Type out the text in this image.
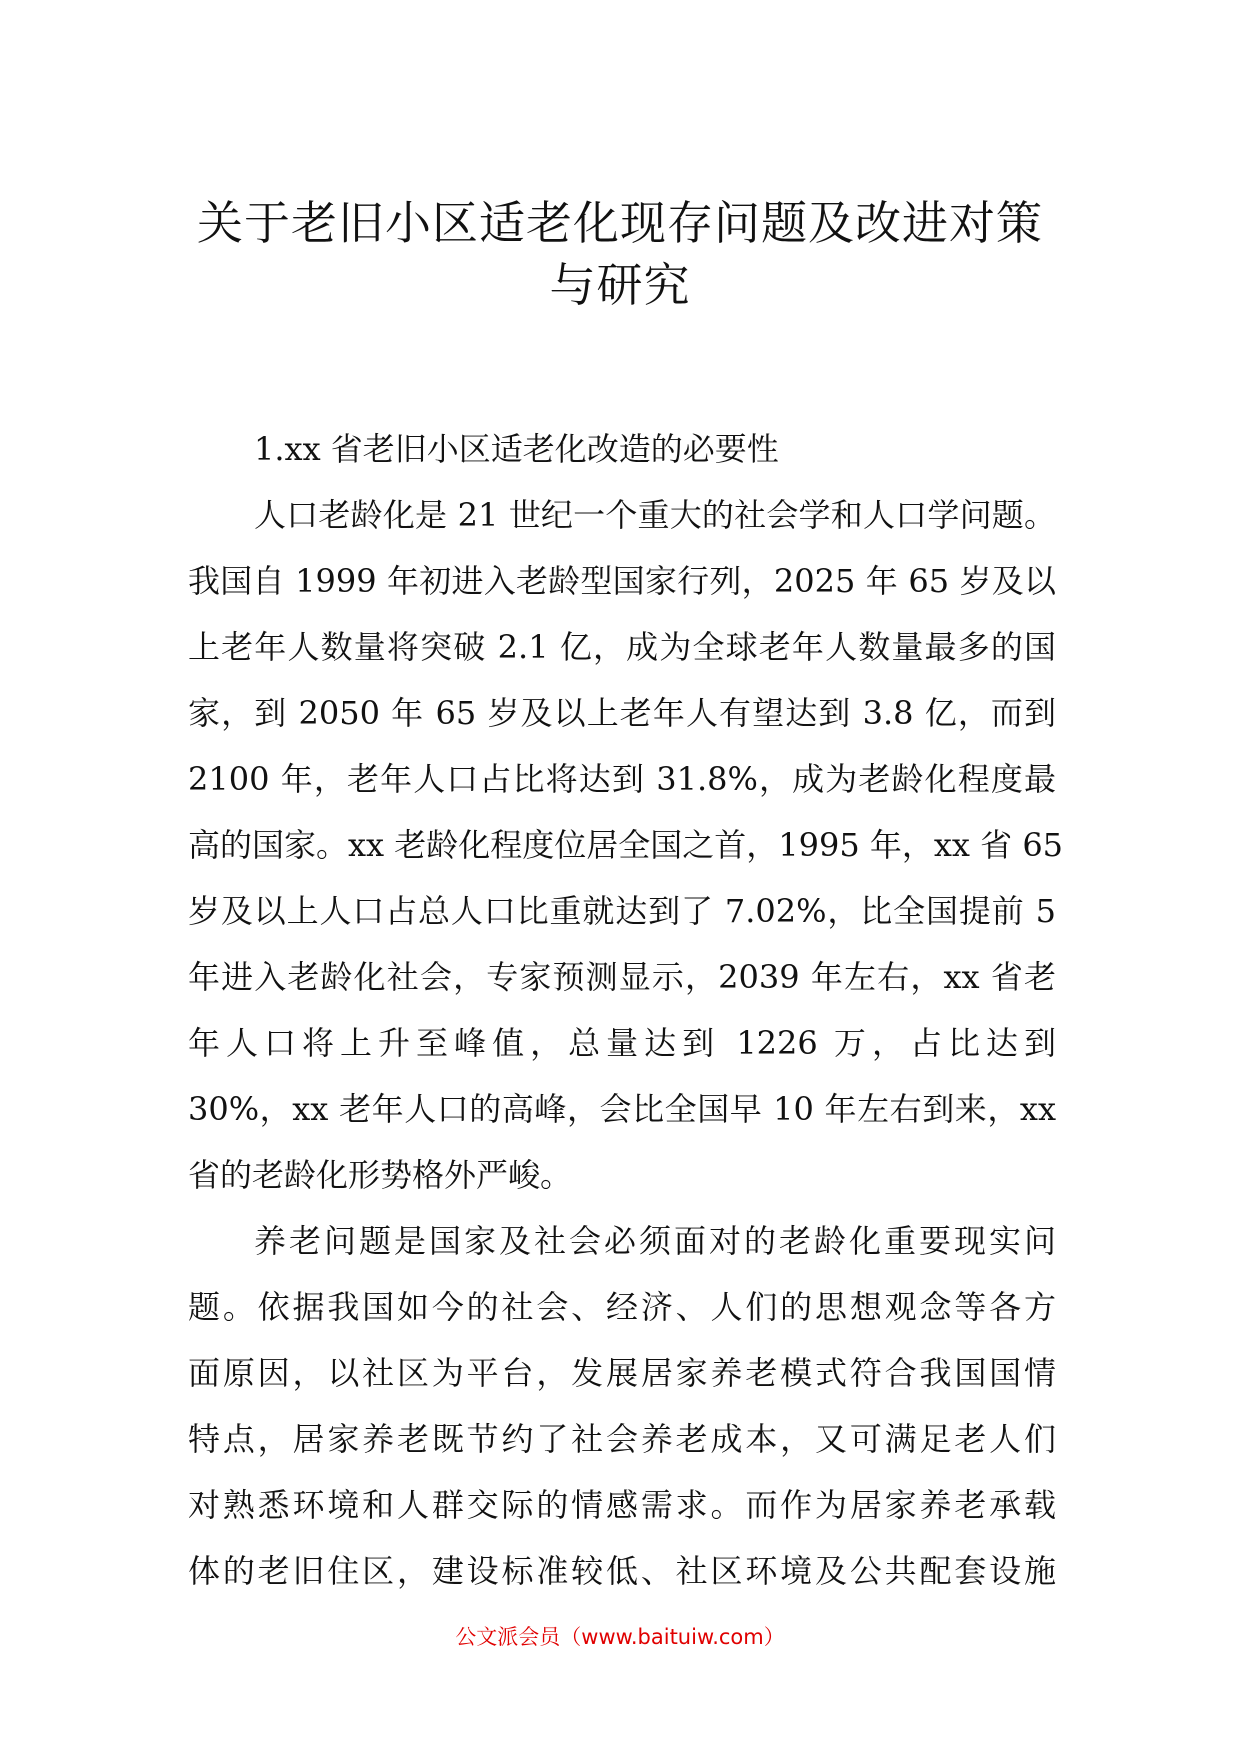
关于老旧小区适老化现存问题及改进对策
与研究
1.xx 省老旧小区适老化改造的必要性
人口老龄化是 21 世纪一个重大的社会学和人口学问题。
我国自 1999 年初进入老龄型国家行列，2025 年 65 岁及以
上老年人数量将突破 2.1 亿，成为全球老年人数量最多的国
家，到 2050 年 65 岁及以上老年人有望达到 3.8 亿，而到
2100 年，老年人口占比将达到 31.8%，成为老龄化程度最
高的国家。xx 老龄化程度位居全国之首，1995 年，xx 省 65
岁及以上人口占总人口比重就达到了 7.02%，比全国提前 5
年进入老龄化社会，专家预测显示，2039 年左右，xx 省老
年人口将上升至峰值，总量达到 1226 万，占比达到
30%，xx 老年人口的高峰，会比全国早 10 年左右到来，xx
省的老龄化形势格外严峻。
养老问题是国家及社会必须面对的老龄化重要现实问
题。依据我国如今的社会、经济、人们的思想观念等各方
面原因，以社区为平台，发展居家养老模式符合我国国情
特点，居家养老既节约了社会养老成本，又可满足老人们
对熟悉环境和人群交际的情感需求。而作为居家养老承载
体的老旧住区，建设标准较低、社区环境及公共配套设施
公文派会员（www.baituiw.com）
